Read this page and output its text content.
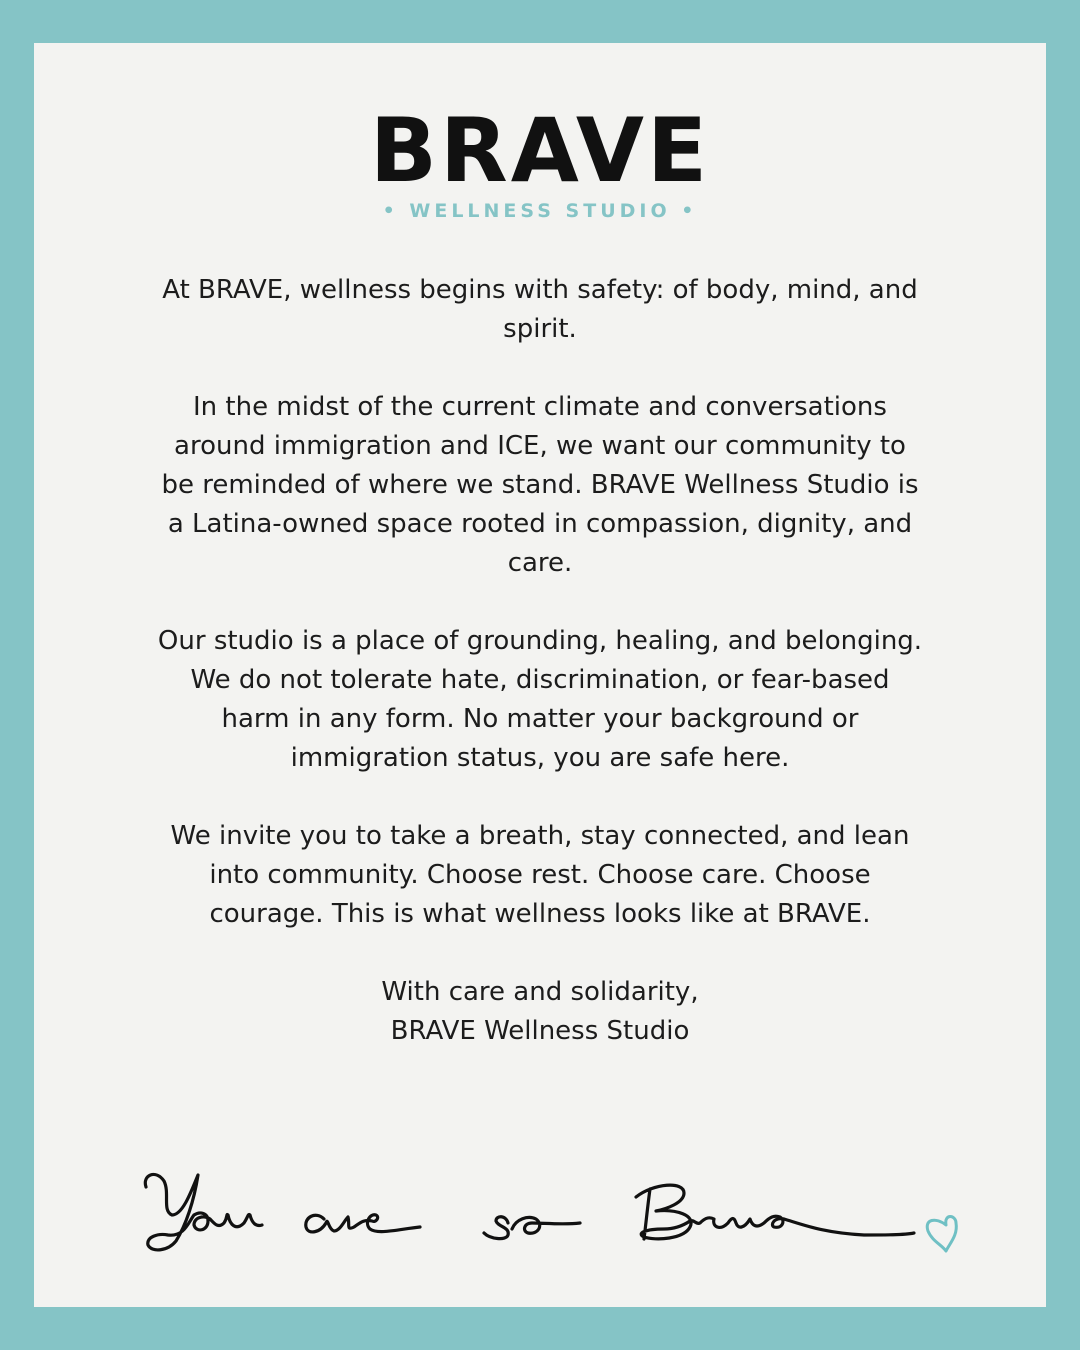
BRAVE
• WELLNESS STUDIO •

At BRAVE, wellness begins with safety: of body, mind, and spirit.

In the midst of the current climate and conversations around immigration and ICE, we want our community to be reminded of where we stand. BRAVE Wellness Studio is a Latina-owned space rooted in compassion, dignity, and care.

Our studio is a place of grounding, healing, and belonging. We do not tolerate hate, discrimination, or fear-based harm in any form. No matter your background or immigration status, you are safe here.

We invite you to take a breath, stay connected, and lean into community. Choose rest. Choose care. Choose courage. This is what wellness looks like at BRAVE.

With care and solidarity,
BRAVE Wellness Studio
